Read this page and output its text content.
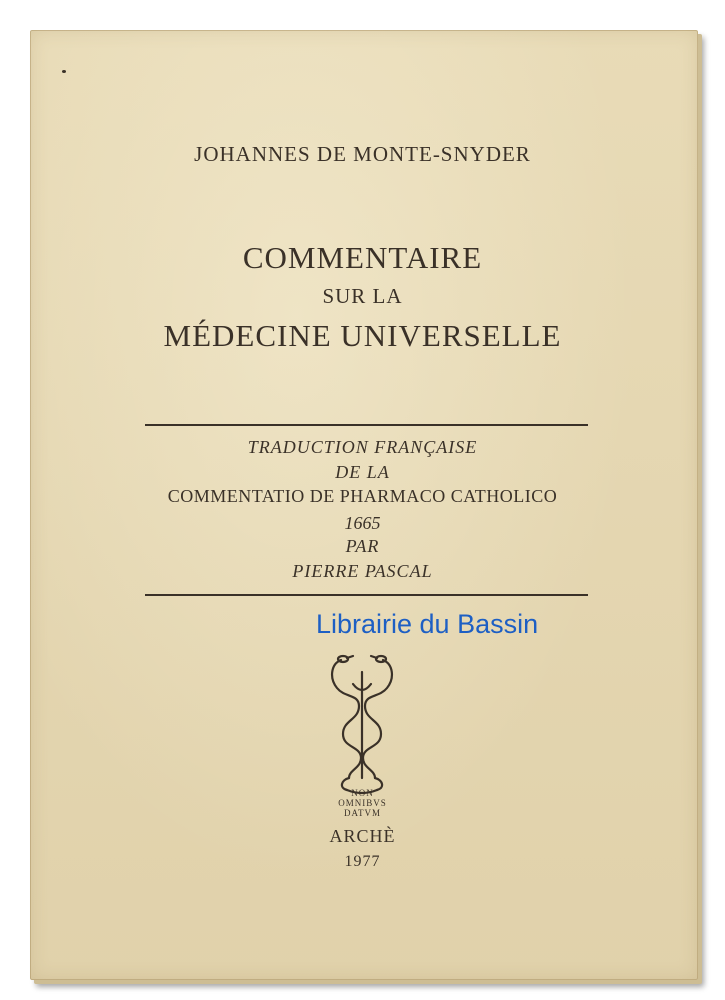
JOHANNES DE MONTE-SNYDER
COMMENTAIRE
SUR LA
MÉDECINE UNIVERSELLE
TRADUCTION FRANÇAISE
DE LA
COMMENTATIO DE PHARMACO CATHOLICO
1665
PAR
PIERRE PASCAL
Librairie du Bassin
NON
OMNIBVS
DATVM
ARCHÈ
1977
